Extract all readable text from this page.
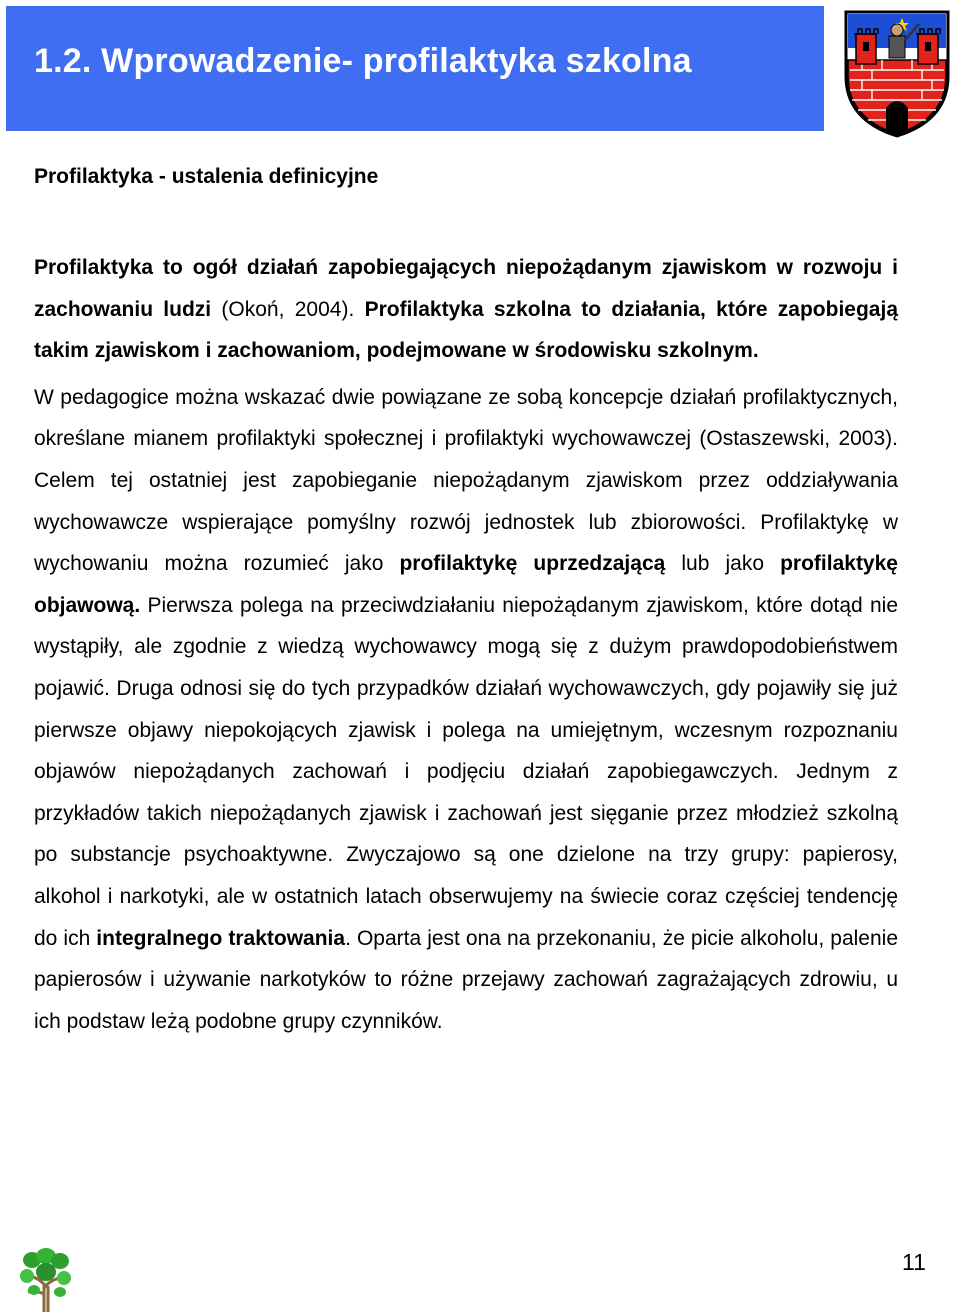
1.2. Wprowadzenie- profilaktyka szkolna
Profilaktyka - ustalenia definicyjne

Profilaktyka to ogół działań zapobiegających niepożądanym zjawiskom w rozwoju i zachowaniu ludzi (Okoń, 2004). Profilaktyka szkolna to działania, które zapobiegają takim zjawiskom i zachowaniom, podejmowane w środowisku szkolnym.

W pedagogice można wskazać dwie powiązane ze sobą koncepcje działań profilaktycznych, określane mianem profilaktyki społecznej i profilaktyki wychowawczej (Ostaszewski, 2003). Celem tej ostatniej jest zapobieganie niepożądanym zjawiskom przez oddziaływania wychowawcze wspierające pomyślny rozwój jednostek lub zbiorowości. Profilaktykę w wychowaniu można rozumieć jako profilaktykę uprzedzającą lub jako profilaktykę objawową. Pierwsza polega na przeciwdziałaniu niepożądanym zjawiskom, które dotąd nie wystąpiły, ale zgodnie z wiedzą wychowawcy mogą się z dużym prawdopodobieństwem pojawić. Druga odnosi się do tych przypadków działań wychowawczych, gdy pojawiły się już pierwsze objawy niepokojących zjawisk i polega na umiejętnym, wczesnym rozpoznaniu objawów niepożądanych zachowań i podjęciu działań zapobiegawczych. Jednym z przykładów takich niepożądanych zjawisk i zachowań jest sięganie przez młodzież szkolną po substancje psychoaktywne. Zwyczajowo są one dzielone na trzy grupy: papierosy, alkohol i narkotyki, ale w ostatnich latach obserwujemy na świecie coraz częściej tendencję do ich integralnego traktowania. Oparta jest ona na przekonaniu, że picie alkoholu, palenie papierosów i używanie narkotyków to różne przejawy zachowań zagrażających zdrowiu, u ich podstaw leżą podobne grupy czynników.

11
